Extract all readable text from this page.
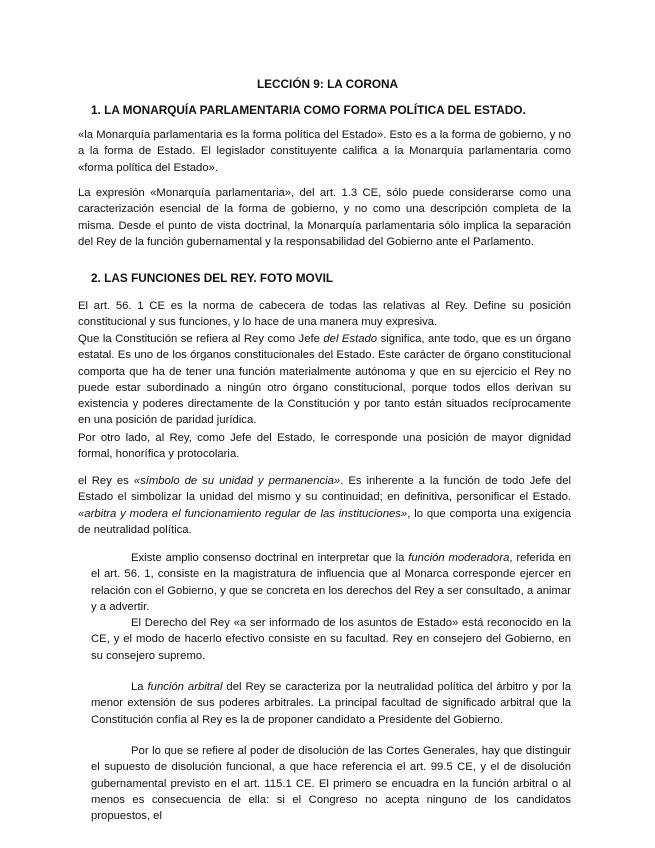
LECCIÓN 9: LA CORONA
1. LA MONARQUÍA PARLAMENTARIA COMO FORMA POLÍTICA DEL ESTADO.

«la Monarquía parlamentaria es la forma política del Estado». Esto es a la forma de gobierno, y no a la forma de Estado. El legislador constituyente califica a la Monarquía parlamentaria como «forma política del Estado».

La expresión «Monarquía parlamentaria», del art. 1.3 CE, sólo puede considerarse como una caracterización esencial de la forma de gobierno, y no como una descripción completa de la misma. Desde el punto de vista doctrinal, la Monarquía parlamentaria sólo implica la separación del Rey de la función gubernamental y la responsabilidad del Gobierno ante el Parlamento.

2. LAS FUNCIONES DEL REY. FOTO MOVIL

El art. 56. 1 CE es la norma de cabecera de todas las relativas al Rey. Define su posición constitucional y sus funciones, y lo hace de una manera muy expresiva.

Que la Constitución se refiera al Rey como Jefe del Estado significa, ante todo, que es un órgano estatal. Es uno de los órganos constitucionales del Estado. Este carácter de órgano constitucional comporta que ha de tener una función materialmente autónoma y que en su ejercicio el Rey no puede estar subordinado a ningún otro órgano constitucional, porque todos ellos derivan su existencia y poderes directamente de la Constitución y por tanto están situados recíprocamente en una posición de paridad jurídica.

Por otro lado, al Rey, como Jefe del Estado, le corresponde una posición de mayor dignidad formal, honorífica y protocolaria.

el Rey es «símbolo de su unidad y permanencia». Es inherente a la función de todo Jefe del Estado el simbolizar la unidad del mismo y su continuidad; en definitiva, personificar el Estado. «arbitra y modera el funcionamiento regular de las instituciones», lo que comporta una exigencia de neutralidad política.

Existe amplio consenso doctrinal en interpretar que la función moderadora, referida en el art. 56. 1, consiste en la magistratura de influencia que al Monarca corresponde ejercer en relación con el Gobierno, y que se concreta en los derechos del Rey a ser consultado, a animar y a advertir.

El Derecho del Rey «a ser informado de los asuntos de Estado» está reconocido en la CE, y el modo de hacerlo efectivo consiste en su facultad. Rey en consejero del Gobierno, en su consejero supremo.

La función arbitral del Rey se caracteriza por la neutralidad política del árbitro y por la menor extensión de sus poderes arbitrales. La principal facultad de significado arbitral que la Constitución confía al Rey es la de proponer candidato a Presidente del Gobierno.

Por lo que se refiere al poder de disolución de las Cortes Generales, hay que distinguir el supuesto de disolución funcional, a que hace referencia el art. 99.5 CE, y el de disolución gubernamental previsto en el art. 115.1 CE. El primero se encuadra en la función arbitral o al menos es consecuencia de ella: si el Congreso no acepta ninguno de los candidatos propuestos, el
